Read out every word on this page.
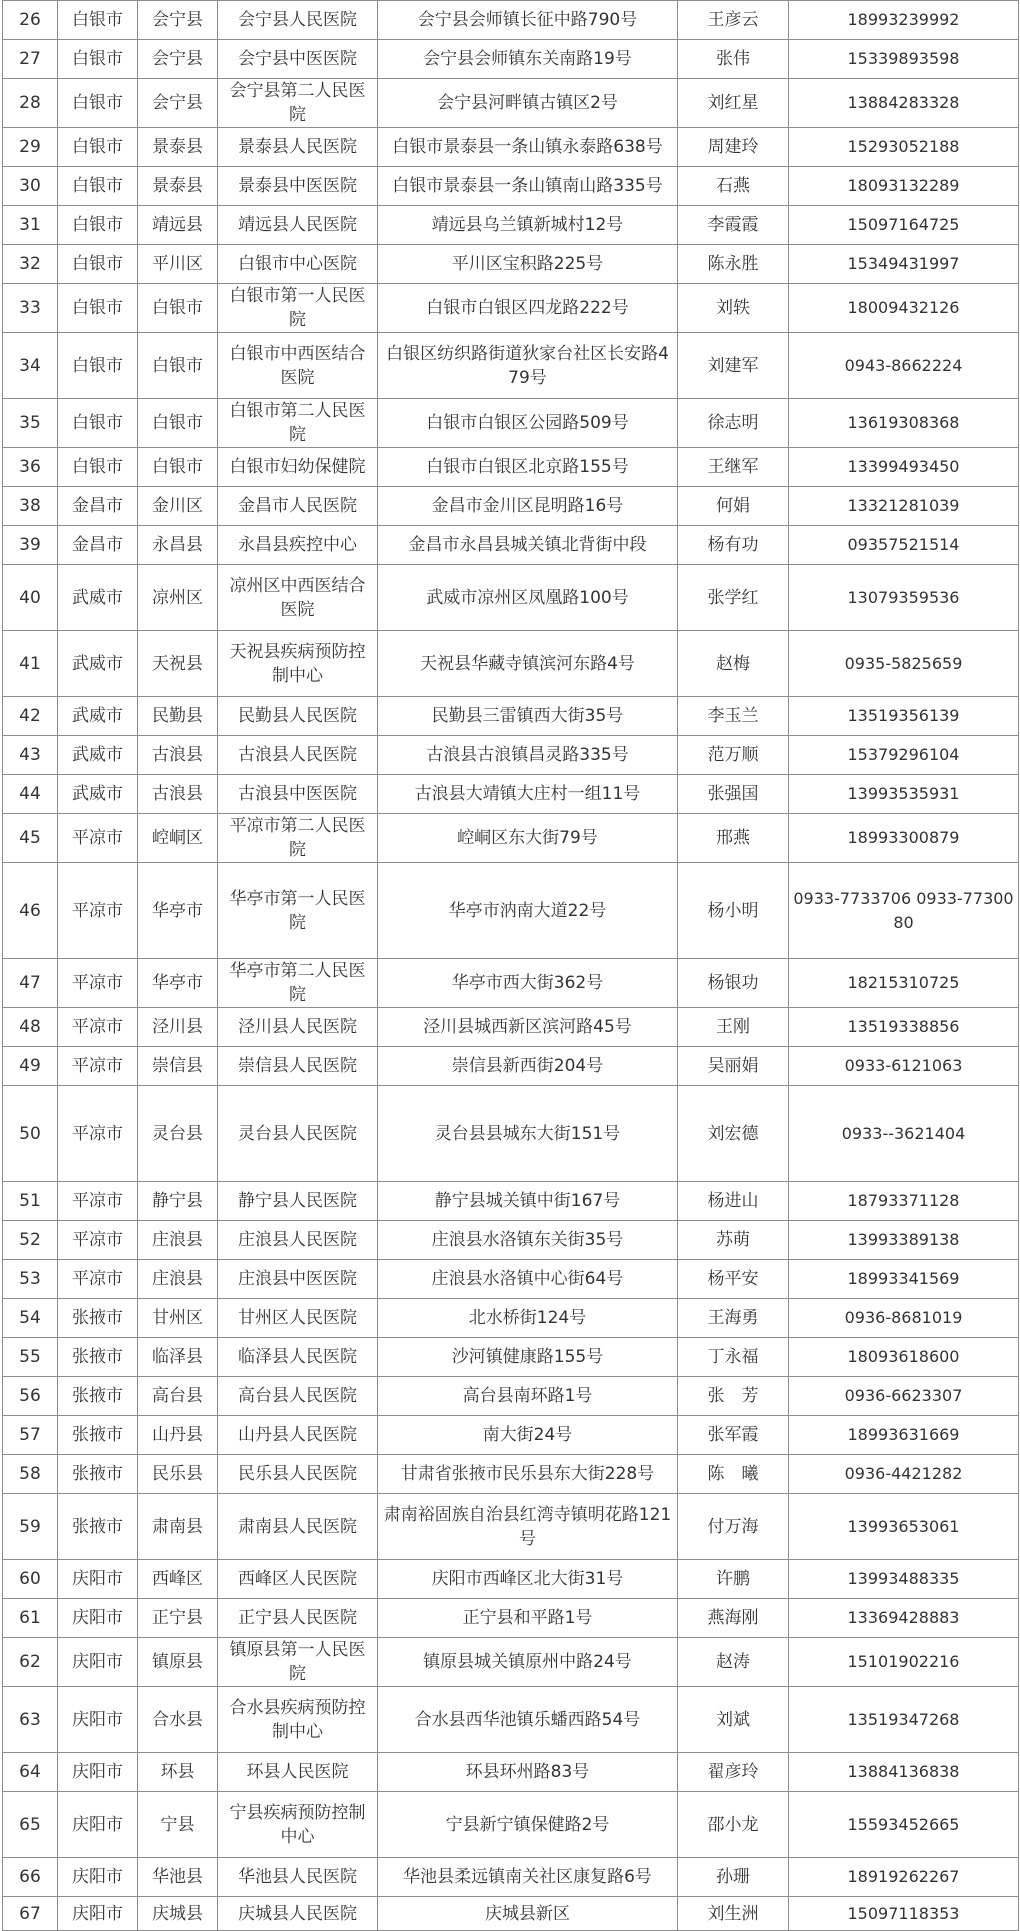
26	白银市	会宁县	会宁县人民医院	会宁县会师镇长征中路790号	王彦云	18993239992
27	白银市	会宁县	会宁县中医医院	会宁县会师镇东关南路19号	张伟	15339893598
28	白银市	会宁县	会宁县第二人民医院	会宁县河畔镇古镇区2号	刘红星	13884283328
29	白银市	景泰县	景泰县人民医院	白银市景泰县一条山镇永泰路638号	周建玲	15293052188
30	白银市	景泰县	景泰县中医医院	白银市景泰县一条山镇南山路335号	石燕	18093132289
31	白银市	靖远县	靖远县人民医院	靖远县乌兰镇新城村12号	李霞霞	15097164725
32	白银市	平川区	白银市中心医院	平川区宝积路225号	陈永胜	15349431997
33	白银市	白银市	白银市第一人民医院	白银市白银区四龙路222号	刘轶	18009432126
34	白银市	白银市	白银市中西医结合医院	白银区纺织路街道狄家台社区长安路479号	刘建军	0943-8662224
35	白银市	白银市	白银市第二人民医院	白银市白银区公园路509号	徐志明	13619308368
36	白银市	白银市	白银市妇幼保健院	白银市白银区北京路155号	王继军	13399493450
38	金昌市	金川区	金昌市人民医院	金昌市金川区昆明路16号	何娟	13321281039
39	金昌市	永昌县	永昌县疾控中心	金昌市永昌县城关镇北背街中段	杨有功	09357521514
40	武威市	凉州区	凉州区中西医结合医院	武威市凉州区凤凰路100号	张学红	13079359536
41	武威市	天祝县	天祝县疾病预防控制中心	天祝县华藏寺镇滨河东路4号	赵梅	0935-5825659
42	武威市	民勤县	民勤县人民医院	民勤县三雷镇西大街35号	李玉兰	13519356139
43	武威市	古浪县	古浪县人民医院	古浪县古浪镇昌灵路335号	范万顺	15379296104
44	武威市	古浪县	古浪县中医医院	古浪县大靖镇大庄村一组11号	张强国	13993535931
45	平凉市	崆峒区	平凉市第二人民医院	崆峒区东大街79号	邢燕	18993300879
46	平凉市	华亭市	华亭市第一人民医院	华亭市汭南大道22号	杨小明	0933-7733706 0933-7730080
47	平凉市	华亭市	华亭市第二人民医院	华亭市西大街362号	杨银功	18215310725
48	平凉市	泾川县	泾川县人民医院	泾川县城西新区滨河路45号	王刚	13519338856
49	平凉市	崇信县	崇信县人民医院	崇信县新西街204号	吴丽娟	0933-6121063
50	平凉市	灵台县	灵台县人民医院	灵台县县城东大街151号	刘宏德	0933--3621404
51	平凉市	静宁县	静宁县人民医院	静宁县城关镇中街167号	杨进山	18793371128
52	平凉市	庄浪县	庄浪县人民医院	庄浪县水洛镇东关街35号	苏萌	13993389138
53	平凉市	庄浪县	庄浪县中医医院	庄浪县水洛镇中心街64号	杨平安	18993341569
54	张掖市	甘州区	甘州区人民医院	北水桥街124号	王海勇	0936-8681019
55	张掖市	临泽县	临泽县人民医院	沙河镇健康路155号	丁永福	18093618600
56	张掖市	高台县	高台县人民医院	高台县南环路1号	张　芳	0936-6623307
57	张掖市	山丹县	山丹县人民医院	南大街24号	张军霞	18993631669
58	张掖市	民乐县	民乐县人民医院	甘肃省张掖市民乐县东大街228号	陈　曦	0936-4421282
59	张掖市	肃南县	肃南县人民医院	肃南裕固族自治县红湾寺镇明花路121号	付万海	13993653061
60	庆阳市	西峰区	西峰区人民医院	庆阳市西峰区北大街31号	许鹏	13993488335
61	庆阳市	正宁县	正宁县人民医院	正宁县和平路1号	燕海刚	13369428883
62	庆阳市	镇原县	镇原县第一人民医院	镇原县城关镇原州中路24号	赵涛	15101902216
63	庆阳市	合水县	合水县疾病预防控制中心	合水县西华池镇乐蟠西路54号	刘斌	13519347268
64	庆阳市	环县	环县人民医院	环县环州路83号	翟彦玲	13884136838
65	庆阳市	宁县	宁县疾病预防控制中心	宁县新宁镇保健路2号	邵小龙	15593452665
66	庆阳市	华池县	华池县人民医院	华池县柔远镇南关社区康复路6号	孙珊	18919262267
67	庆阳市	庆城县	庆城县人民医院	庆城县新区	刘生洲	15097118353
